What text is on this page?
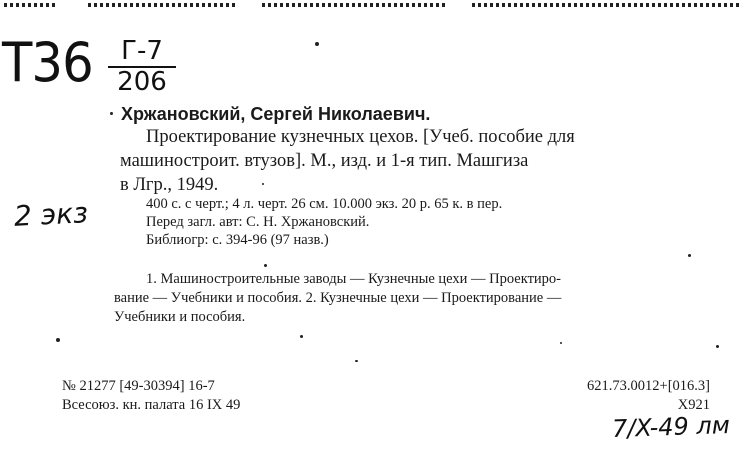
Т36	Г-7
206
Хржановский, Сергей Николаевич.
Проектирование кузнечных цехов. [Учеб. пособие для
машиностроит. втузов]. М., изд. и 1-я тип. Машгиза
в Лгр., 1949.
400 с. с черт.; 4 л. черт. 26 см. 10.000 экз. 20 р. 65 к. в пер.
Перед загл. авт: С. Н. Хржановский.
Библиогр: с. 394-96 (97 назв.)
2 экз
1. Машиностроительные заводы — Кузнечные цехи — Проектиро-
вание — Учебники и пособия. 2. Кузнечные цехи — Проектирование —
Учебники и пособия.
№ 21277 [49-30394] 16-7
Всесоюз. кн. палата 16 IX 49
621.73.0012+[016.3]
X921
7/X-49 лм
